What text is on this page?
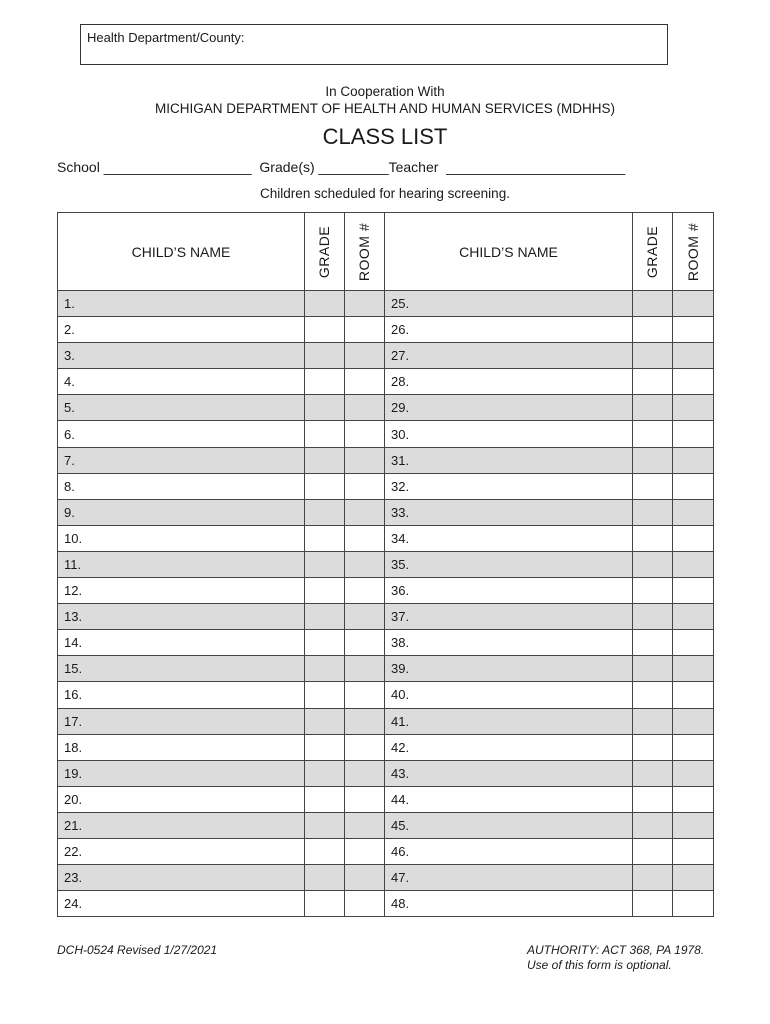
Health Department/County:
In Cooperation With
MICHIGAN DEPARTMENT OF HEALTH AND HUMAN SERVICES (MDHHS)
CLASS LIST
School ___________________  Grade(s) _________Teacher  _______________________
Children scheduled for hearing screening.
CHILD’S NAME	GRADE	ROOM #	CHILD’S NAME	GRADE	ROOM #

1.			25.		
2.			26.		
3.			27.		
4.			28.		
5.			29.		
6.			30.		
7.			31.		
8.			32.		
9.			33.		
10.			34.		
11.			35.		
12.			36.		
13.			37.		
14.			38.		
15.			39.		
16.			40.		
17.			41.		
18.			42.		
19.			43.		
20.			44.		
21.			45.		
22.			46.		
23.			47.		
24.			48.		
DCH-0524 Revised 1/27/2021	AUTHORITY: ACT 368, PA 1978.
Use of this form is optional.
